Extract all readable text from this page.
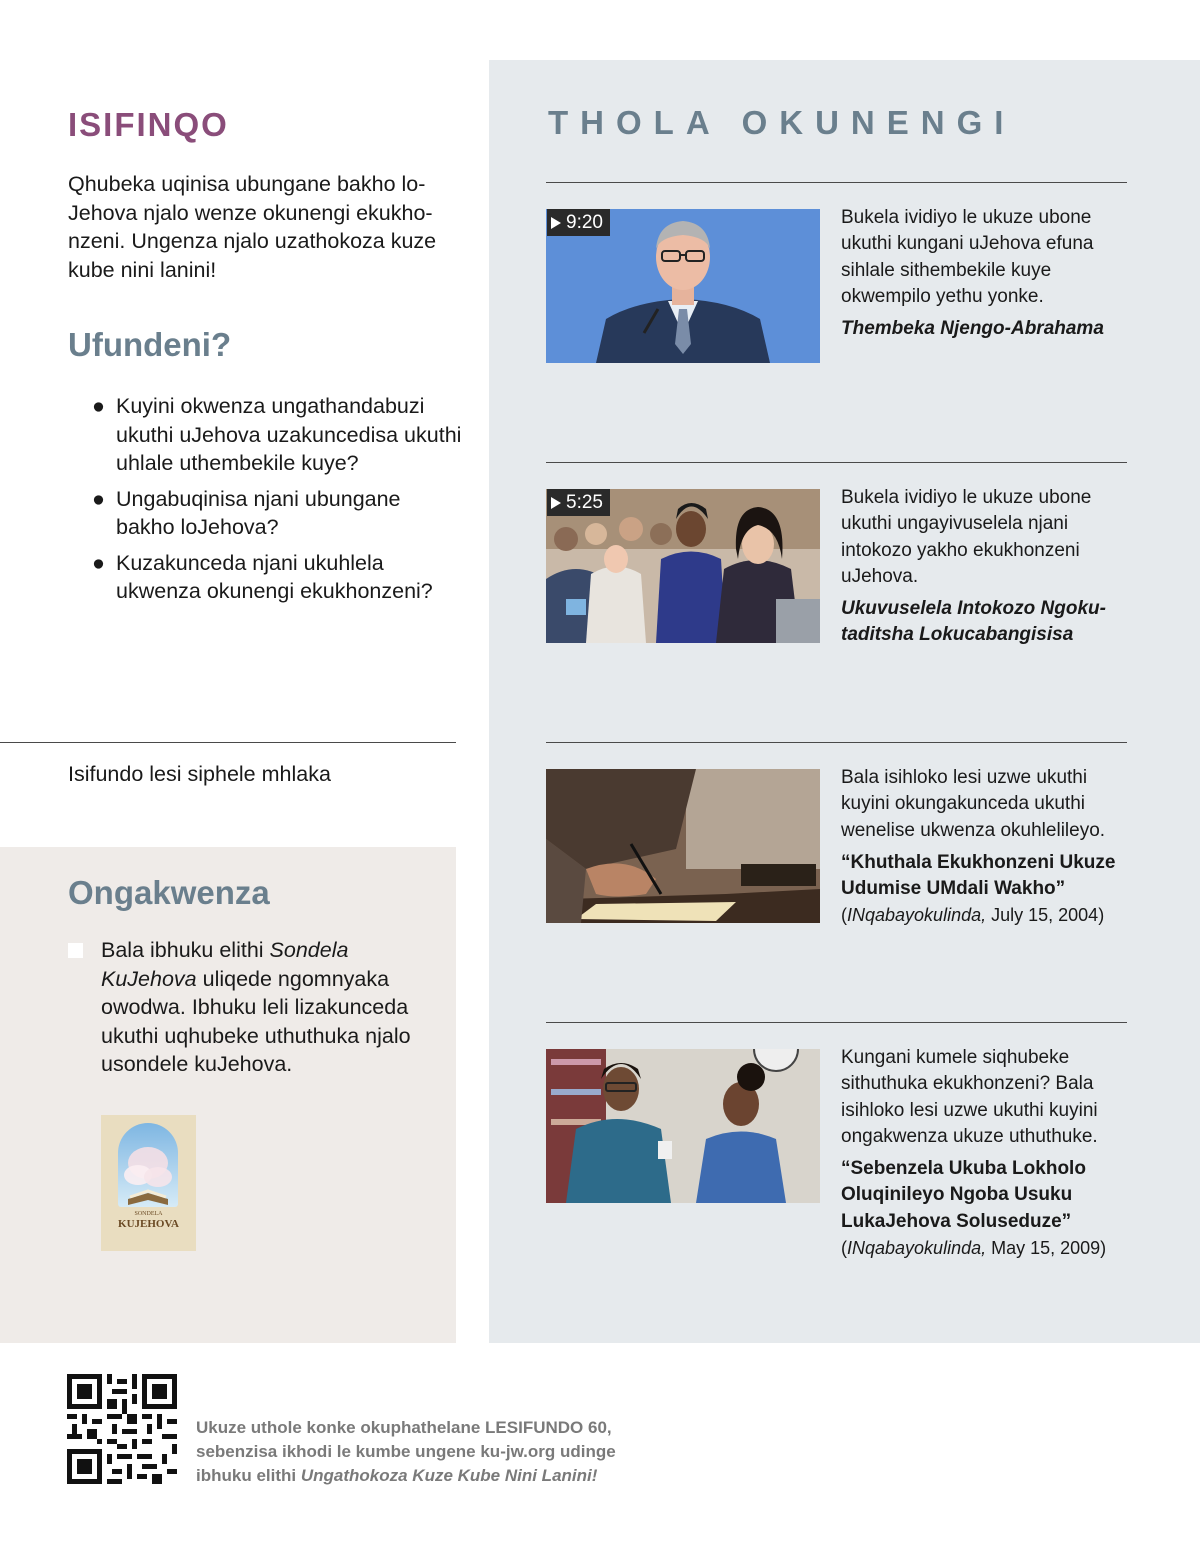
ISIFINQO

Qhubeka uqinisa ubungane bakho loJehova njalo wenze okunengi ekukhonzeni. Ungenza njalo uzathokoza kuze kube nini lanini!

Ufundeni?
● Kuyini okwenza ungathandabuzi ukuthi uJehova uzakuncedisa ukuthi uhlale uthembekile kuye?
● Ungabuqinisa njani ubungane bakho loJehova?
● Kuzakunceda njani ukuhlela ukwenza okunengi ekukhonzeni?
Isifundo lesi siphele mhlaka
Ongakwenza

Bala ibhuku elithi Sondela KuJehova uliqede ngomnyaka owodwa. Ibhuku leli lizakunceda ukuthi uqhubeke uthuthuka njalo usondele kuJehova.

SONDELA
KUJEHOVA
THOLA OKUNENGI
9:20	Bukela ividiyo le ukuze ubone ukuthi kungani uJehova efuna sihlale sithembekile kuye okwempilo yethu yonke.

Thembeka Njengo-Abrahama

5:25	Bukela ividiyo le ukuze ubone ukuthi ungayivuselela njani intokozo yakho ekukhonzeni uJehova.

Ukuvuselela Intokozo Ngokutaditsha Lokucabangisisa

Bala isihloko lesi uzwe ukuthi kuyini okungakunceda ukuthi wenelise ukwenza okuhlelileyo.

“Khuthala Ekukhonzeni Ukuze Udumise UMdali Wakho”

(INqabayokulinda, July 15, 2004)

Kungani kumele siqhubeke sithuthuka ekukhonzeni? Bala isihloko lesi uzwe ukuthi kuyini ongakwenza ukuze uthuthuke.

“Sebenzela Ukuba Lokholo Oluqinileyo Ngoba Usuku LukaJehova Soluseduze”

(INqabayokulinda, May 15, 2009)

Ukuze uthole konke okuphathelane LESIFUNDO 60, sebenzisa ikhodi le kumbe ungene ku-jw.org udinge ibhuku elithi Ungathokoza Kuze Kube Nini Lanini!
